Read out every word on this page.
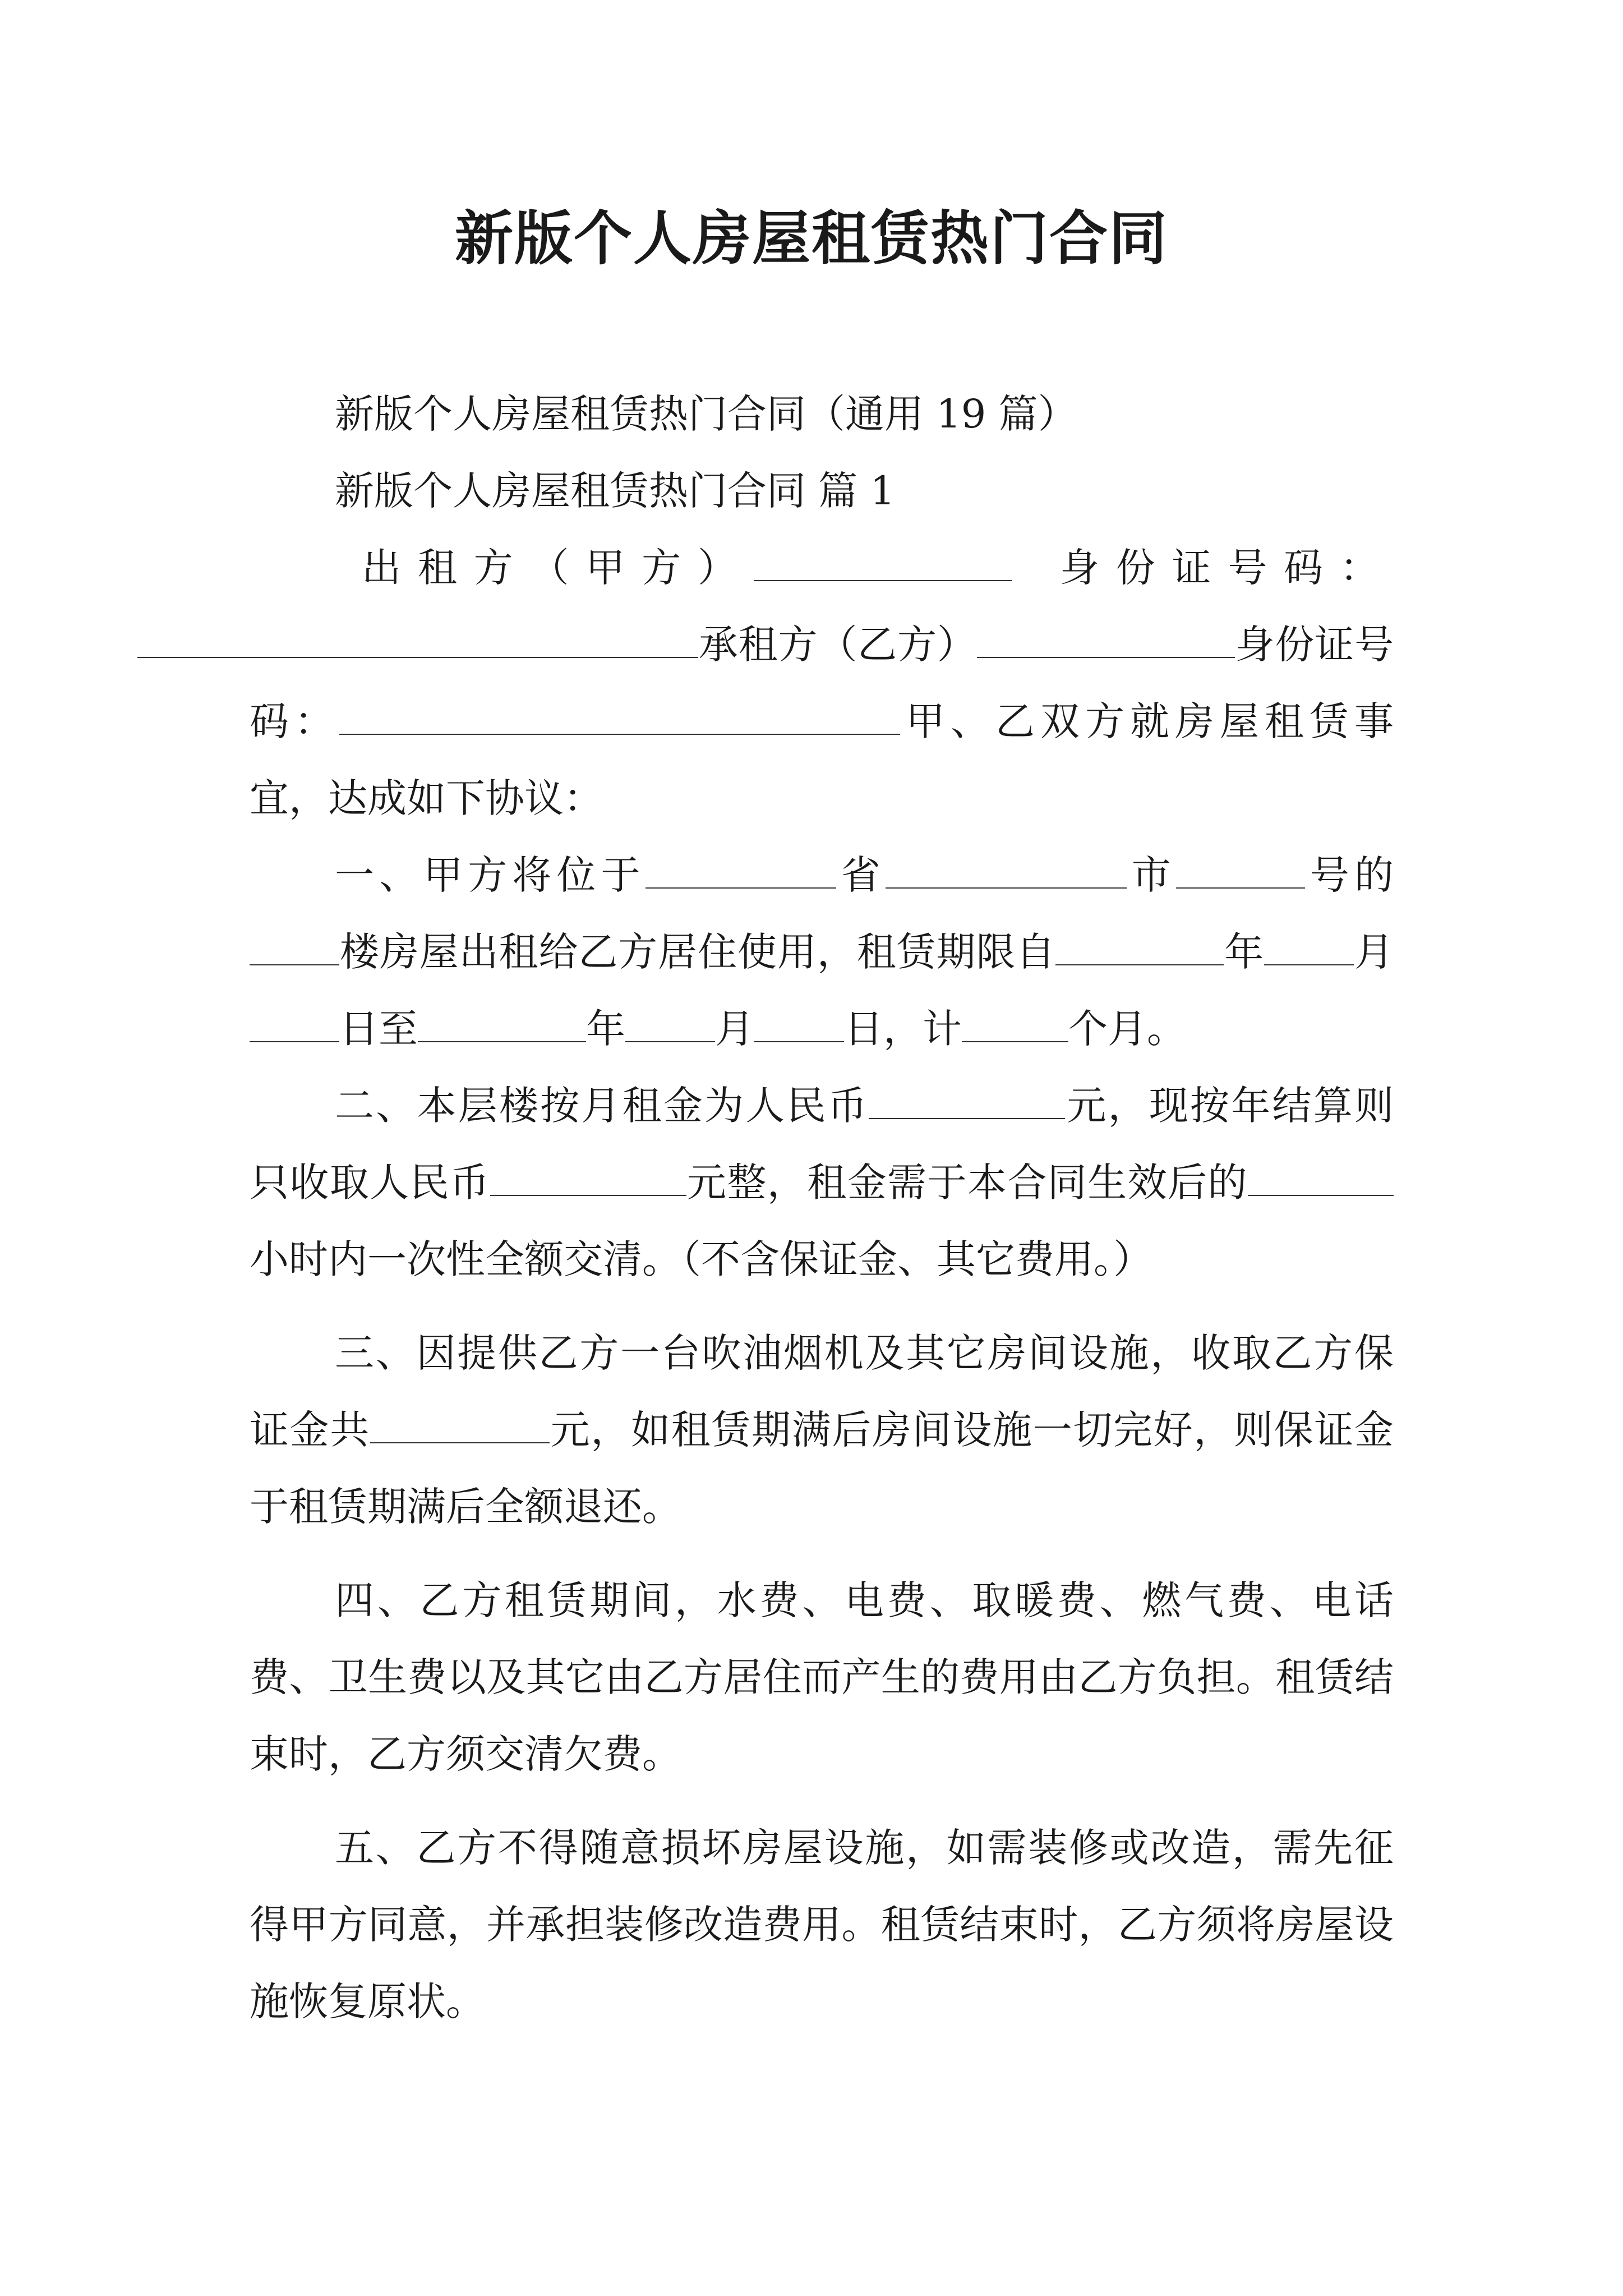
新版个人房屋租赁热门合同

新版个人房屋租赁热门合同（通用 19 篇）

新版个人房屋租赁热门合同 篇 1

出租方（甲方）	身份证号码：承租方（乙方）	身份证号码：	甲、乙双方就房屋租赁事宜，达成如下协议：

一、甲方将位于	省	市	号的楼房屋出租给乙方居住使用，租赁期限自	年 月日至	年 月 日，计	个月。

二、本层楼按月租金为人民币	元，现按年结算则只收取人民币	元整，租金需于本合同生效后的小时内一次性全额交清。（不含保证金、其它费用。）

三、因提供乙方一台吹油烟机及其它房间设施，收取乙方保证金共	元，如租赁期满后房间设施一切完好，则保证金于租赁期满后全额退还。

四、乙方租赁期间，水费、电费、取暖费、燃气费、电话费、卫生费以及其它由乙方居住而产生的费用由乙方负担。租赁结束时，乙方须交清欠费。

五、乙方不得随意损坏房屋设施，如需装修或改造，需先征得甲方同意，并承担装修改造费用。租赁结束时，乙方须将房屋设施恢复原状。
